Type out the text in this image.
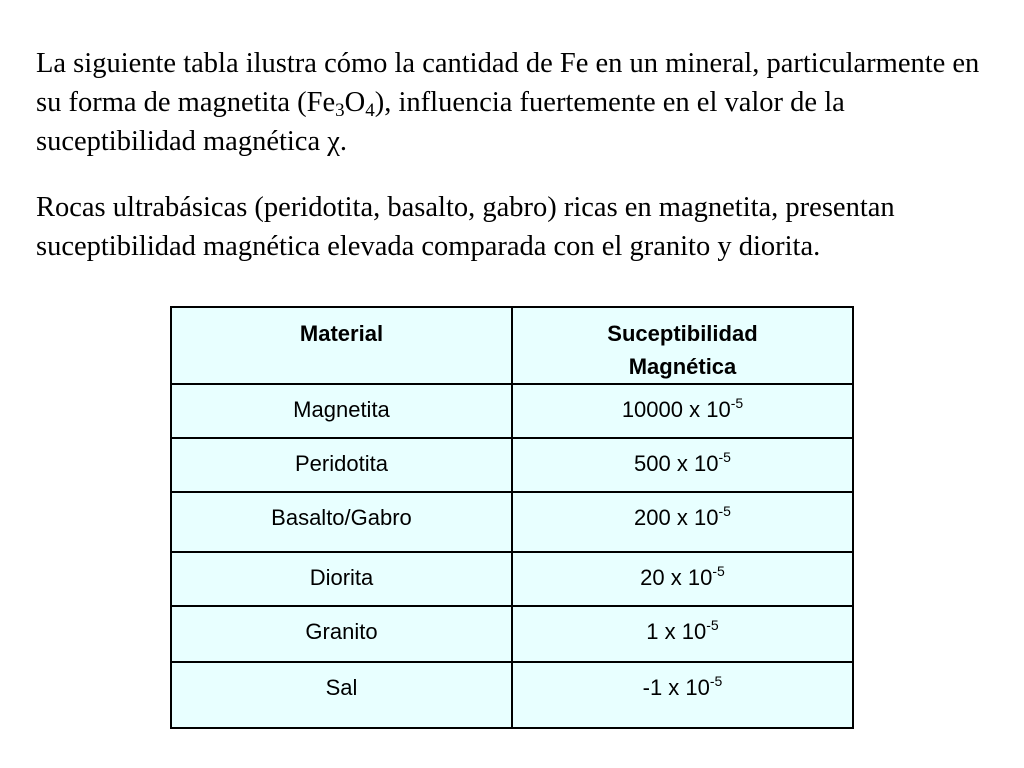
La siguiente tabla ilustra cómo la cantidad de Fe en un mineral, particularmente en su forma de magnetita $(Fe_3O_4)$, influencia fuertemente en el valor de la suceptibilidad magnética χ.

Rocas ultrabásicas (peridotita, basalto, gabro) ricas en magnetita, presentan suceptibilidad magnética elevada comparada con el granito y diorita.

Material	Suceptibilidad
Magnética

Magnetita	10000 x $10^{-5}$
Peridotita	500 x $10^{-5}$
Basalto/Gabro	200 x $10^{-5}$
Diorita	20 x $10^{-5}$
Granito	1 x $10^{-5}$
Sal	-1 x $10^{-5}$
